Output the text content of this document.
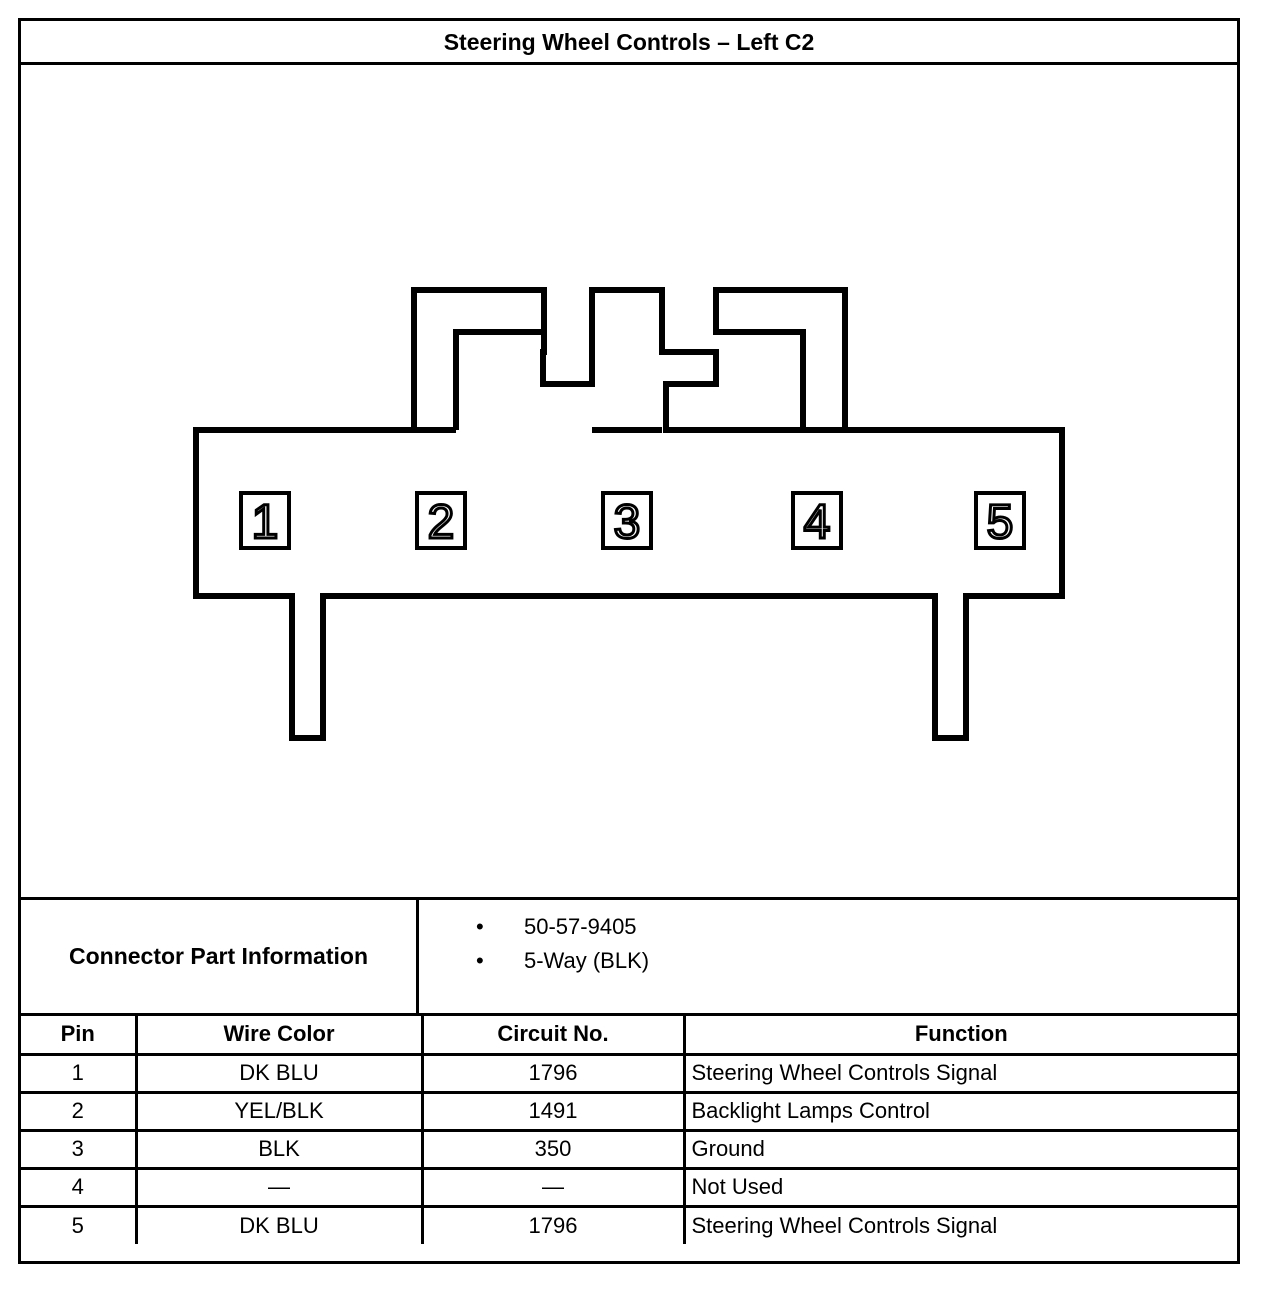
Steering Wheel Controls – Left C2
1	2	3	4	5
Connector Part Information
• 50-57-9405
• 5-Way (BLK)
Pin	Wire Color	Circuit No.	Function
1	DK BLU	1796	Steering Wheel Controls Signal
2	YEL/BLK	1491	Backlight Lamps Control
3	BLK	350	Ground
4	—	—	Not Used
5	DK BLU	1796	Steering Wheel Controls Signal
